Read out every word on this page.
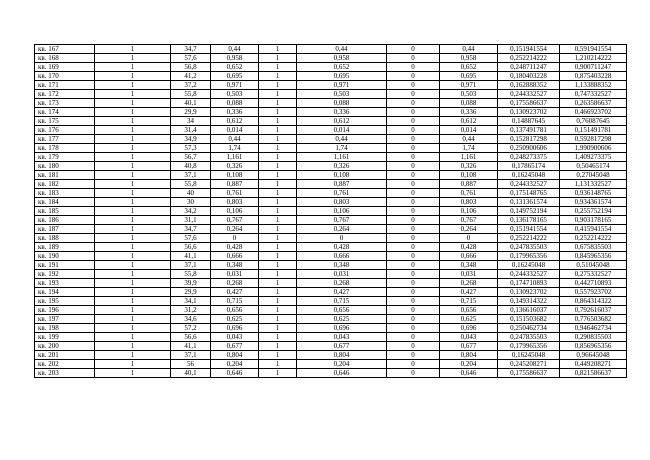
кв. 167	1	34,7	0,44	1	0,44	0	0,44	0,151941554	0,591941554
кв. 168	1	57,6	0,958	1	0,958	0	0,958	0,252214222	1,210214222
кв. 169	1	56,8	0,652	1	0,652	0	0,652	0,248711247	0,900711247
кв. 170	1	41,2	0,695	1	0,695	0	0,695	0,180403228	0,875403228
кв. 171	1	37,2	0,971	1	0,971	0	0,971	0,162888352	1,133888352
кв. 172	1	55,8	0,503	1	0,503	0	0,503	0,244332527	0,747332527
кв. 173	1	40,1	0,088	1	0,088	0	0,088	0,175586637	0,263586637
кв. 174	1	29,9	0,336	1	0,336	0	0,336	0,130923702	0,466923702
кв. 175	1	34	0,612	1	0,612	0	0,612	0,14887645	0,76087645
кв. 176	1	31,4	0,014	1	0,014	0	0,014	0,137491781	0,151491781
кв. 177	1	34,9	0,44	1	0,44	0	0,44	0,152817298	0,592817298
кв. 178	1	57,3	1,74	1	1,74	0	1,74	0,250900606	1,990900606
кв. 179	1	56,7	1,161	1	1,161	0	1,161	0,248273375	1,409273375
кв. 180	1	40,8	0,326	1	0,326	0	0,326	0,17865174	0,50465174
кв. 181	1	37,1	0,108	1	0,108	0	0,108	0,16245048	0,27045048
кв. 182	1	55,8	0,887	1	0,887	0	0,887	0,244332527	1,131332527
кв. 183	1	40	0,761	1	0,761	0	0,761	0,175148765	0,936148765
кв. 184	1	30	0,803	1	0,803	0	0,803	0,131361574	0,934361574
кв. 185	1	34,2	0,106	1	0,106	0	0,106	0,149752194	0,255752194
кв. 186	1	31,1	0,767	1	0,767	0	0,767	0,136178165	0,903178165
кв. 187	1	34,7	0,264	1	0,264	0	0,264	0,151941554	0,415941554
кв. 188	1	57,6	0	1	0	0	0	0,252214222	0,252214222
кв. 189	1	56,6	0,428	1	0,428	0	0,428	0,247835503	0,675835503
кв. 190	1	41,1	0,666	1	0,666	0	0,666	0,179965356	0,845965356
кв. 191	1	37,1	0,348	1	0,348	0	0,348	0,16245048	0,51045048
кв. 192	1	55,8	0,031	1	0,031	0	0,031	0,244332527	0,275332527
кв. 193	1	39,9	0,268	1	0,268	0	0,268	0,174710893	0,442710893
кв. 194	1	29,9	0,427	1	0,427	0	0,427	0,130923702	0,557923702
кв. 195	1	34,1	0,715	1	0,715	0	0,715	0,149314322	0,864314322
кв. 196	1	31,2	0,656	1	0,656	0	0,656	0,136616037	0,792616037
кв. 197	1	34,6	0,625	1	0,625	0	0,625	0,151503682	0,776503682
кв. 198	1	57,2	0,696	1	0,696	0	0,696	0,250462734	0,946462734
кв. 199	1	56,6	0,043	1	0,043	0	0,043	0,247835503	0,290835503
кв. 200	1	41,1	0,677	1	0,677	0	0,677	0,179965356	0,856965356
кв. 201	1	37,1	0,804	1	0,804	0	0,804	0,16245048	0,96645048
кв. 202	1	56	0,204	1	0,204	0	0,204	0,245208271	0,449208271
кв. 203	1	40,1	0,646	1	0,646	0	0,646	0,175586637	0,821586637
